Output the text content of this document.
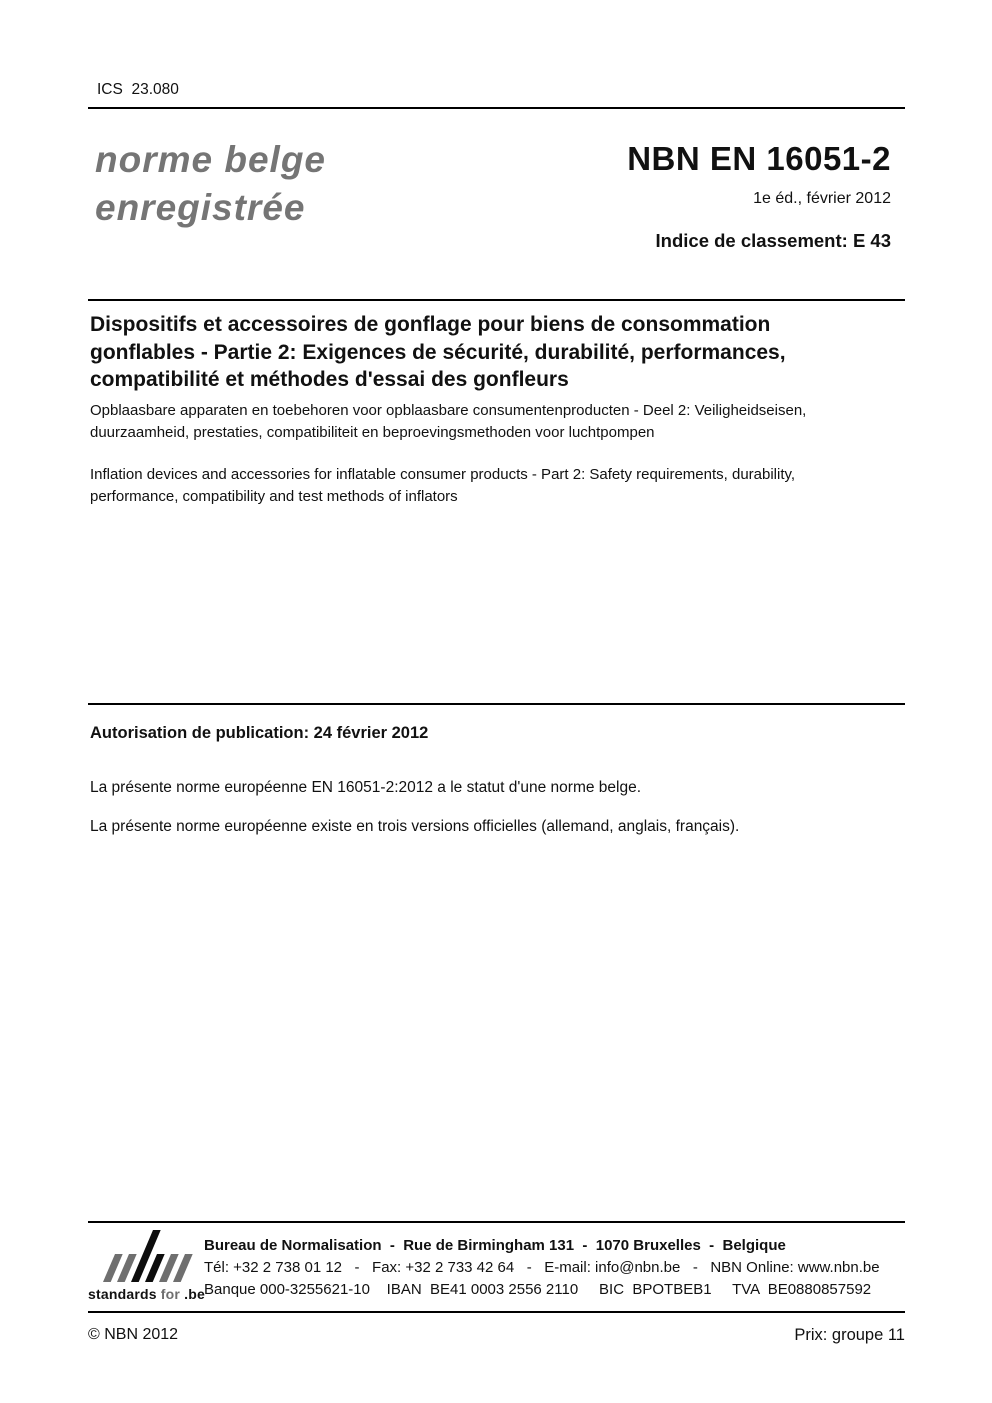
ICS  23.080
norme belge
enregistrée
NBN EN 16051-2
1e éd., février 2012
Indice de classement: E 43
Dispositifs et accessoires de gonflage pour biens de consommation
gonflables - Partie 2: Exigences de sécurité, durabilité, performances,
compatibilité et méthodes d'essai des gonfleurs
Opblaasbare apparaten en toebehoren voor opblaasbare consumentenproducten - Deel 2: Veiligheidseisen,
duurzaamheid, prestaties, compatibiliteit en beproevingsmethoden voor luchtpompen
Inflation devices and accessories for inflatable consumer products - Part 2: Safety requirements, durability,
performance, compatibility and test methods of inflators
Autorisation de publication: 24 février 2012
La présente norme européenne EN 16051-2:2012 a le statut d'une norme belge.
La présente norme européenne existe en trois versions officielles (allemand, anglais, français).
standards for .be
Bureau de Normalisation  -  Rue de Birmingham 131  -  1070 Bruxelles  -  Belgique
Tél: +32 2 738 01 12   -   Fax: +32 2 733 42 64   -   E-mail: info@nbn.be   -   NBN Online: www.nbn.be
Banque 000-3255621-10    IBAN  BE41 0003 2556 2110     BIC  BPOTBEB1     TVA  BE0880857592
© NBN 2012	Prix: groupe 11
